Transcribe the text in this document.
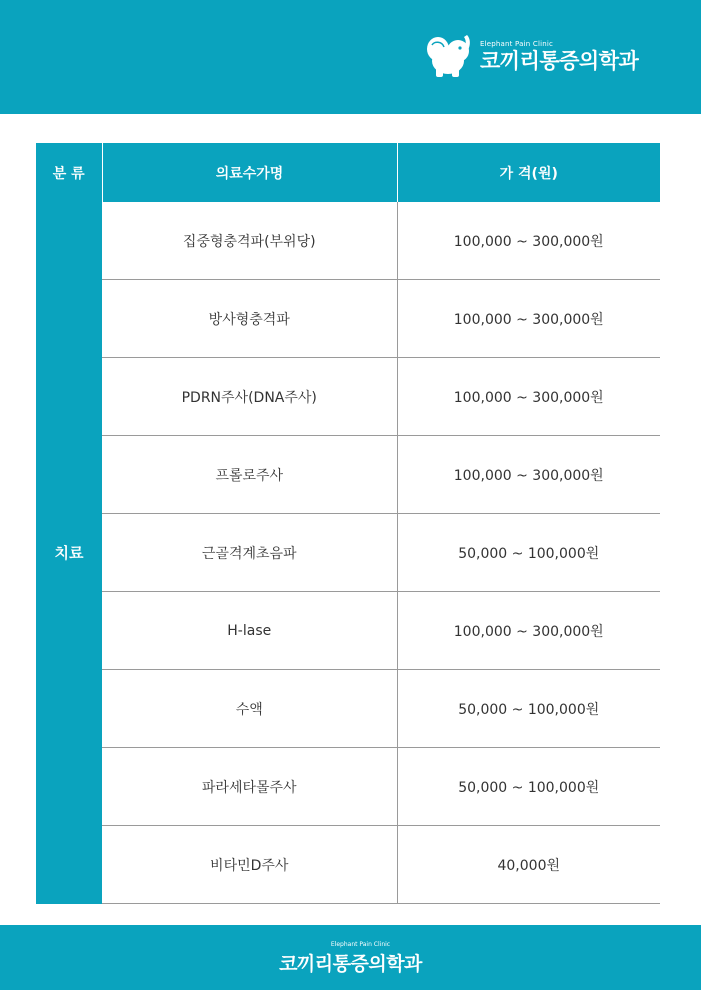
Elephant Pain Clinic
코끼리통증의학과
분 류	의료수가명	가 격(원)
치료	집중형충격파(부위당)	100,000 ~ 300,000원
	방사형충격파	100,000 ~ 300,000원
	PDRN주사(DNA주사)	100,000 ~ 300,000원
	프롤로주사	100,000 ~ 300,000원
	근골격계초음파	50,000 ~ 100,000원
	H-lase	100,000 ~ 300,000원
	수액	50,000 ~ 100,000원
	파라세타몰주사	50,000 ~ 100,000원
	비타민D주사	40,000원
Elephant Pain Clinic
코끼리통증의학과
